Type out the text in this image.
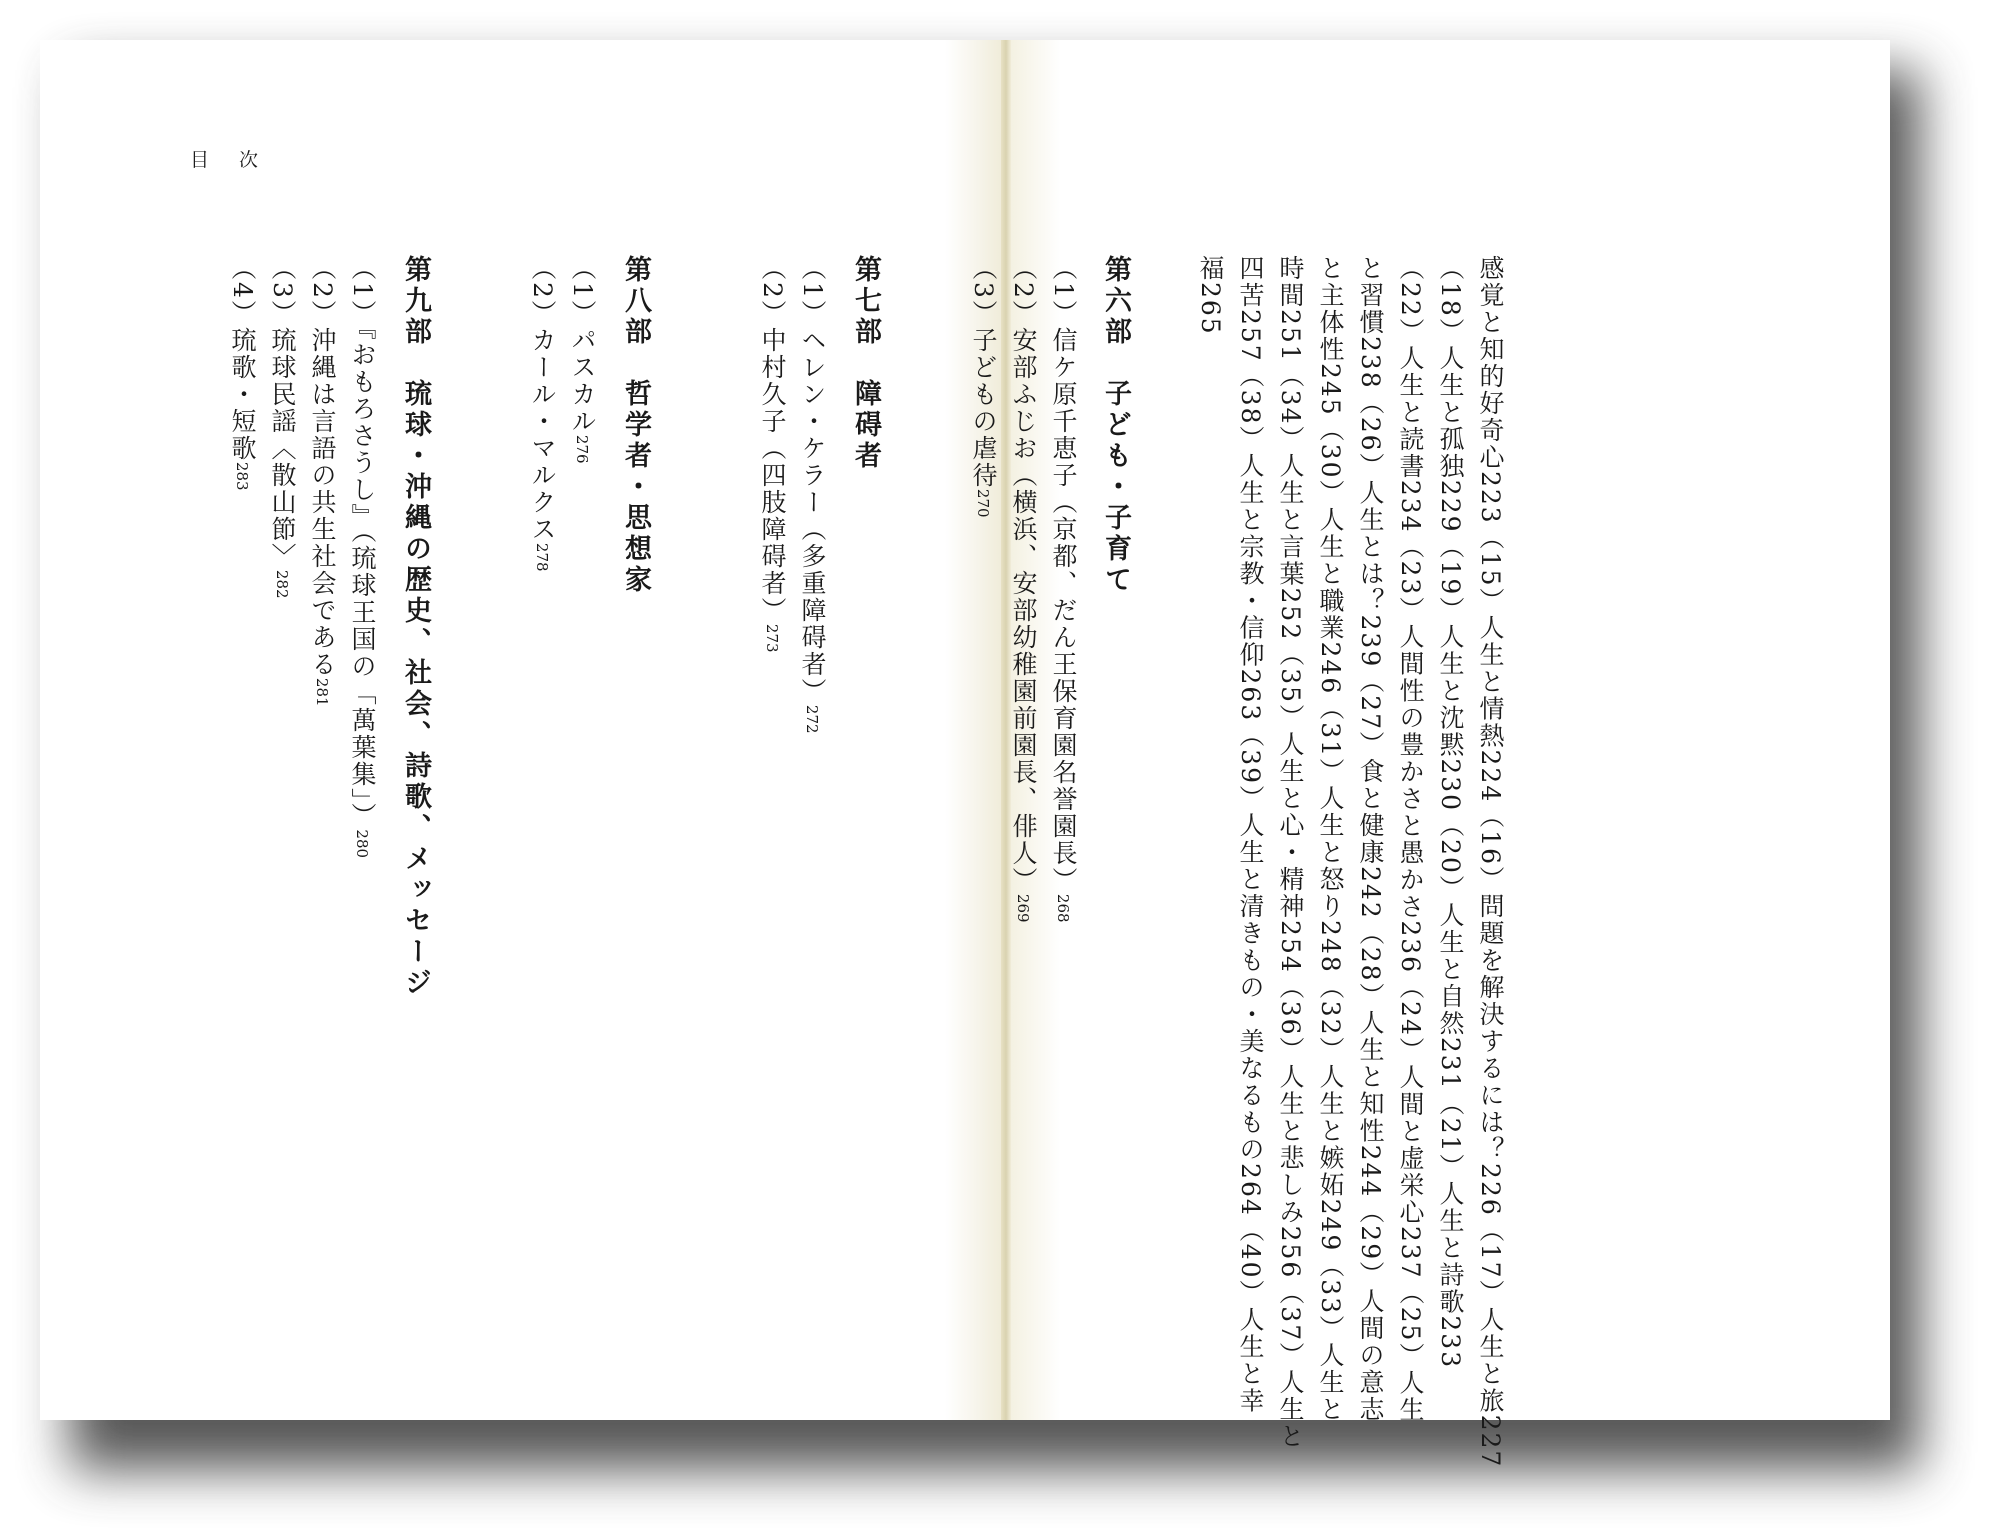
感覚と知的好奇心223（15）人生と情熱224（16）問題を解決するには？226（17）人生と旅227
（18）人生と孤独229（19）人生と沈黙230（20）人生と自然231（21）人生と詩歌233
（22）人生と読書234（23）人間性の豊かさと愚かさ236（24）人間と虚栄心237（25）人生
と習慣238（26）人生とは？239（27）食と健康242（28）人生と知性244（29）人間の意志
と主体性245（30）人生と職業246（31）人生と怒り248（32）人生と嫉妬249（33）人生と
時間251（34）人生と言葉252（35）人生と心・精神254（36）人生と悲しみ256（37）人生と
四苦257（38）人生と宗教・信仰263（39）人生と清きもの・美なるもの264（40）人生と幸
福265
第六部　子ども・子育て
（1）信ケ原千恵子（京都、だん王保育園名誉園長）268
（2）安部ふじお（横浜、安部幼稚園前園長、俳人）269
（3）子どもの虐待270
第七部　障碍者
（1）ヘレン・ケラー（多重障碍者）272
（2）中村久子（四肢障碍者）273
第八部　哲学者・思想家
（1）パスカル276
（2）カール・マルクス278
第九部　琉球・沖縄の歴史、社会、詩歌、メッセージ
（1）『おもろさうし』（琉球王国の「萬葉集」）280
（2）沖縄は言語の共生社会である281
（3）琉球民謡〈散山節〉282
（4）琉歌・短歌283
目次
